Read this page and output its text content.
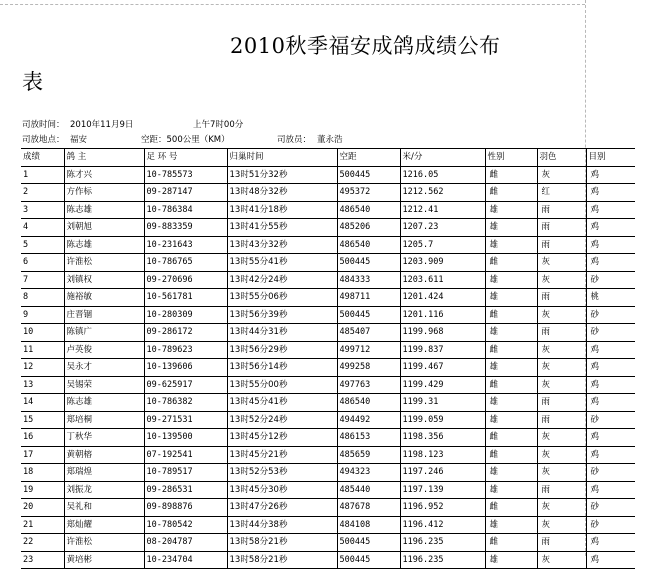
2010秋季福安成鸽成绩公布
表
司放时间： 2010年11月9日	上午7时00分
司放地点： 福安	空距：500公里（KM）	司放员： 董永浩
成绩	鸽 主	足 环 号	归巢时间	空距	米/分	性别	羽色	目别
1	陈才兴	10-785573	13时51分32秒	500445	1216.05	雌	灰	鸡
2	方作标	09-287147	13时48分32秒	495372	1212.562	雌	红	鸡
3	陈志雄	10-786384	13时41分18秒	486540	1212.41	雄	雨	鸡
4	刘朝旭	09-883359	13时41分55秒	485206	1207.23	雄	雨	鸡
5	陈志雄	10-231643	13时43分32秒	486540	1205.7	雄	雨	鸡
6	许淮松	10-786765	13时55分41秒	500445	1203.909	雌	灰	鸡
7	刘镇权	09-270696	13时42分24秒	484333	1203.611	雄	灰	砂
8	施裕敏	10-561781	13时55分06秒	498711	1201.424	雄	雨	桃
9	庄晋锢	10-280309	13时56分39秒	500445	1201.116	雌	灰	砂
10	陈镇广	09-286172	13时44分31秒	485407	1199.968	雄	雨	砂
11	卢英俊	10-789623	13时56分29秒	499712	1199.837	雌	灰	鸡
12	吴永才	10-139606	13时56分14秒	499258	1199.467	雄	灰	鸡
13	吴锡荣	09-625917	13时55分00秒	497763	1199.429	雌	灰	鸡
14	陈志雄	10-786382	13时45分41秒	486540	1199.31	雄	雨	鸡
15	郑培桐	09-271531	13时52分24秒	494492	1199.059	雄	雨	砂
16	丁秋华	10-139500	13时45分12秒	486153	1198.356	雌	灰	鸡
17	黄朝榕	07-192541	13时45分21秒	485659	1198.123	雌	灰	鸡
18	郑瑞煌	10-789517	13时52分53秒	494323	1197.246	雄	灰	砂
19	刘振龙	09-286531	13时45分30秒	485440	1197.139	雄	雨	鸡
20	吴礼和	09-898876	13时47分26秒	487678	1196.952	雌	灰	砂
21	郑灿耀	10-780542	13时44分38秒	484108	1196.412	雄	灰	砂
22	许淮松	08-204787	13时58分21秒	500445	1196.235	雌	雨	鸡
23	黄培彬	10-234704	13时58分21秒	500445	1196.235	雄	灰	鸡
